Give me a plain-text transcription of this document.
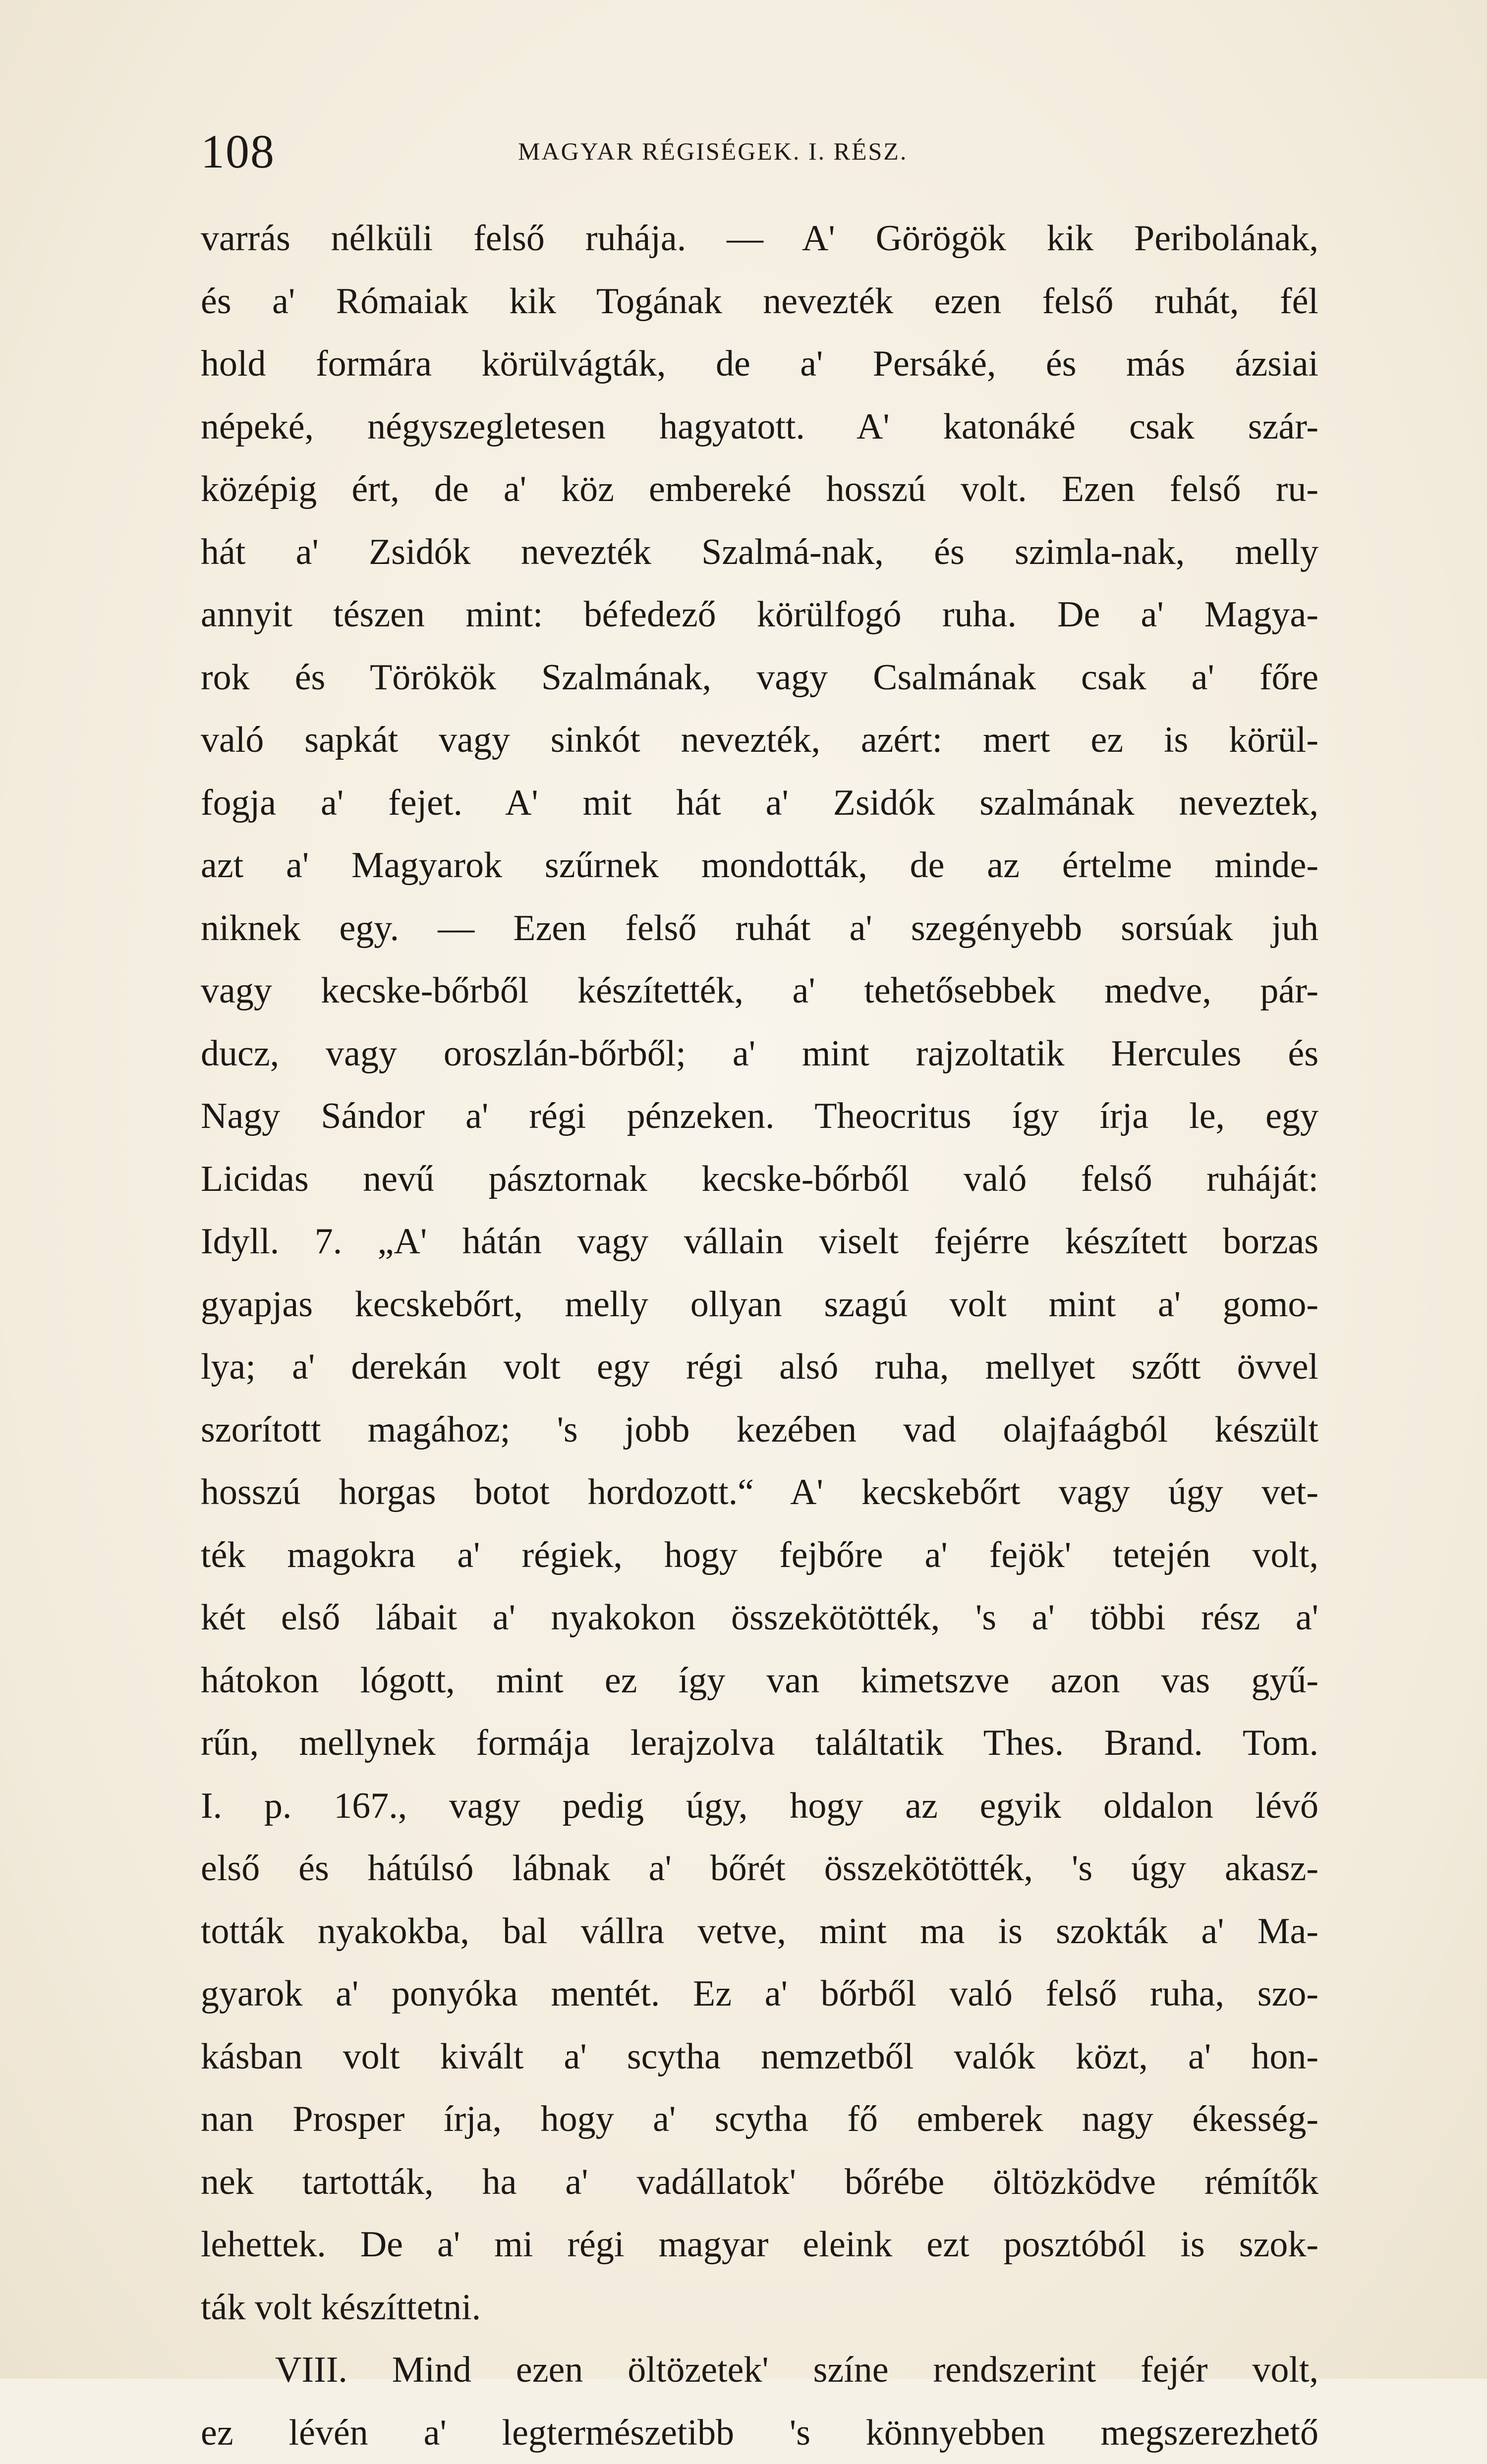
108	MAGYAR RÉGISÉGEK. I. RÉSZ.
varrás nélküli felső ruhája. — A' Görögök kik Peribolának,
és a' Rómaiak kik Togának nevezték ezen felső ruhát, fél
hold formára körülvágták, de a' Persáké, és más ázsiai
népeké, négyszegletesen hagyatott. A' katonáké csak szár-
középig ért, de a' köz embereké hosszú volt. Ezen felső ru-
hát a' Zsidók nevezték Szalmá-nak, és szimla-nak, melly
annyit tészen mint: béfedező körülfogó ruha. De a' Magya-
rok és Törökök Szalmának, vagy Csalmának csak a' főre
való sapkát vagy sinkót nevezték, azért: mert ez is körül-
fogja a' fejet. A' mit hát a' Zsidók szalmának neveztek,
azt a' Magyarok szűrnek mondották, de az értelme minde-
niknek egy. — Ezen felső ruhát a' szegényebb sorsúak juh
vagy kecske-bőrből készítették, a' tehetősebbek medve, pár-
ducz, vagy oroszlán-bőrből; a' mint rajzoltatik Hercules és
Nagy Sándor a' régi pénzeken. Theocritus így írja le, egy
Licidas nevű pásztornak kecske-bőrből való felső ruháját:
Idyll. 7. „A' hátán vagy vállain viselt fejérre készített borzas
gyapjas kecskebőrt, melly ollyan szagú volt mint a' gomo-
lya; a' derekán volt egy régi alsó ruha, mellyet szőtt övvel
szorított magához; 's jobb kezében vad olajfaágból készült
hosszú horgas botot hordozott.“ A' kecskebőrt vagy úgy vet-
ték magokra a' régiek, hogy fejbőre a' fejök' tetején volt,
két első lábait a' nyakokon összekötötték, 's a' többi rész a'
hátokon lógott, mint ez így van kimetszve azon vas gyű-
rűn, mellynek formája lerajzolva találtatik Thes. Brand. Tom.
I. p. 167., vagy pedig úgy, hogy az egyik oldalon lévő
első és hátúlsó lábnak a' bőrét összekötötték, 's úgy akasz-
tották nyakokba, bal vállra vetve, mint ma is szokták a' Ma-
gyarok a' ponyóka mentét. Ez a' bőrből való felső ruha, szo-
kásban volt kivált a' scytha nemzetből valók közt, a' hon-
nan Prosper írja, hogy a' scytha fő emberek nagy ékesség-
nek tartották, ha a' vadállatok' bőrébe öltözködve rémítők
lehettek. De a' mi régi magyar eleink ezt posztóból is szok-
ták volt készíttetni.
VIII. Mind ezen öltözetek' színe rendszerint fejér volt,
ez lévén a' legtermészetibb 's könnyebben megszerezhető
